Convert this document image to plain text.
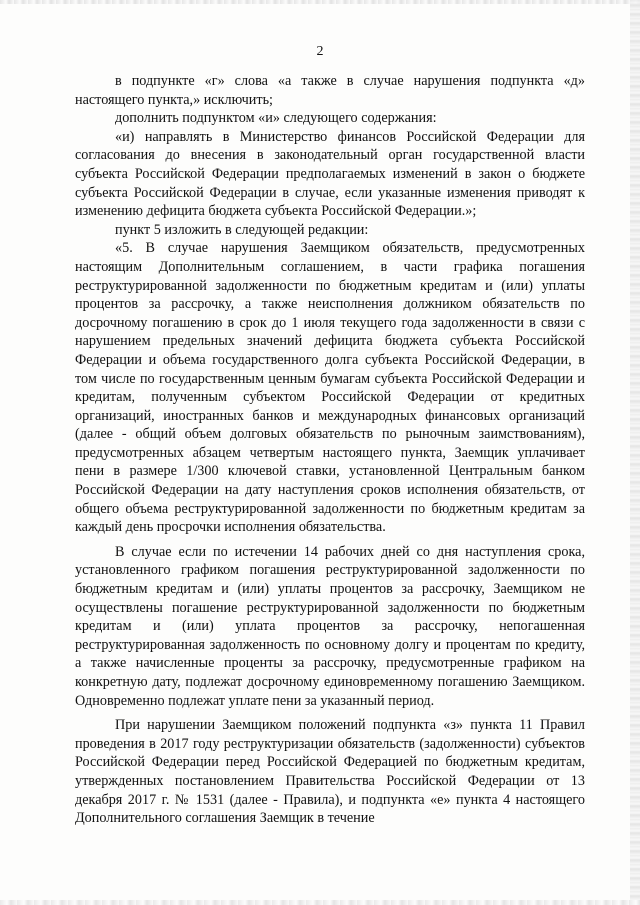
2

в подпункте «г» слова «а также в случае нарушения подпункта «д» настоящего пункта,» исключить;

дополнить подпунктом «и» следующего содержания:

«и) направлять в Министерство финансов Российской Федерации для согласования до внесения в законодательный орган государственной власти субъекта Российской Федерации предполагаемых изменений в закон о бюджете субъекта Российской Федерации в случае, если указанные изменения приводят к изменению дефицита бюджета субъекта Российской Федерации.»;

пункт 5 изложить в следующей редакции:

«5. В случае нарушения Заемщиком обязательств, предусмотренных настоящим Дополнительным соглашением, в части графика погашения реструктурированной задолженности по бюджетным кредитам и (или) уплаты процентов за рассрочку, а также неисполнения должником обязательств по досрочному погашению в срок до 1 июля текущего года задолженности в связи с нарушением предельных значений дефицита бюджета субъекта Российской Федерации и объема государственного долга субъекта Российской Федерации, в том числе по государственным ценным бумагам субъекта Российской Федерации и кредитам, полученным субъектом Российской Федерации от кредитных организаций, иностранных банков и международных финансовых организаций (далее - общий объем долговых обязательств по рыночным заимствованиям), предусмотренных абзацем четвертым настоящего пункта, Заемщик уплачивает пени в размере 1/300 ключевой ставки, установленной Центральным банком Российской Федерации на дату наступления сроков исполнения обязательств, от общего объема реструктурированной задолженности по бюджетным кредитам за каждый день просрочки исполнения обязательства.

В случае если по истечении 14 рабочих дней со дня наступления срока, установленного графиком погашения реструктурированной задолженности по бюджетным кредитам и (или) уплаты процентов за рассрочку, Заемщиком не осуществлены погашение реструктурированной задолженности по бюджетным кредитам и (или) уплата процентов за рассрочку, непогашенная реструктурированная задолженность по основному долгу и процентам по кредиту, а также начисленные проценты за рассрочку, предусмотренные графиком на конкретную дату, подлежат досрочному единовременному погашению Заемщиком. Одновременно подлежат уплате пени за указанный период.

При нарушении Заемщиком положений подпункта «з» пункта 11 Правил проведения в 2017 году реструктуризации обязательств (задолженности) субъектов Российской Федерации перед Российской Федерацией по бюджетным кредитам, утвержденных постановлением Правительства Российской Федерации от 13 декабря 2017 г. № 1531 (далее - Правила), и подпункта «е» пункта 4 настоящего Дополнительного соглашения Заемщик в течение
